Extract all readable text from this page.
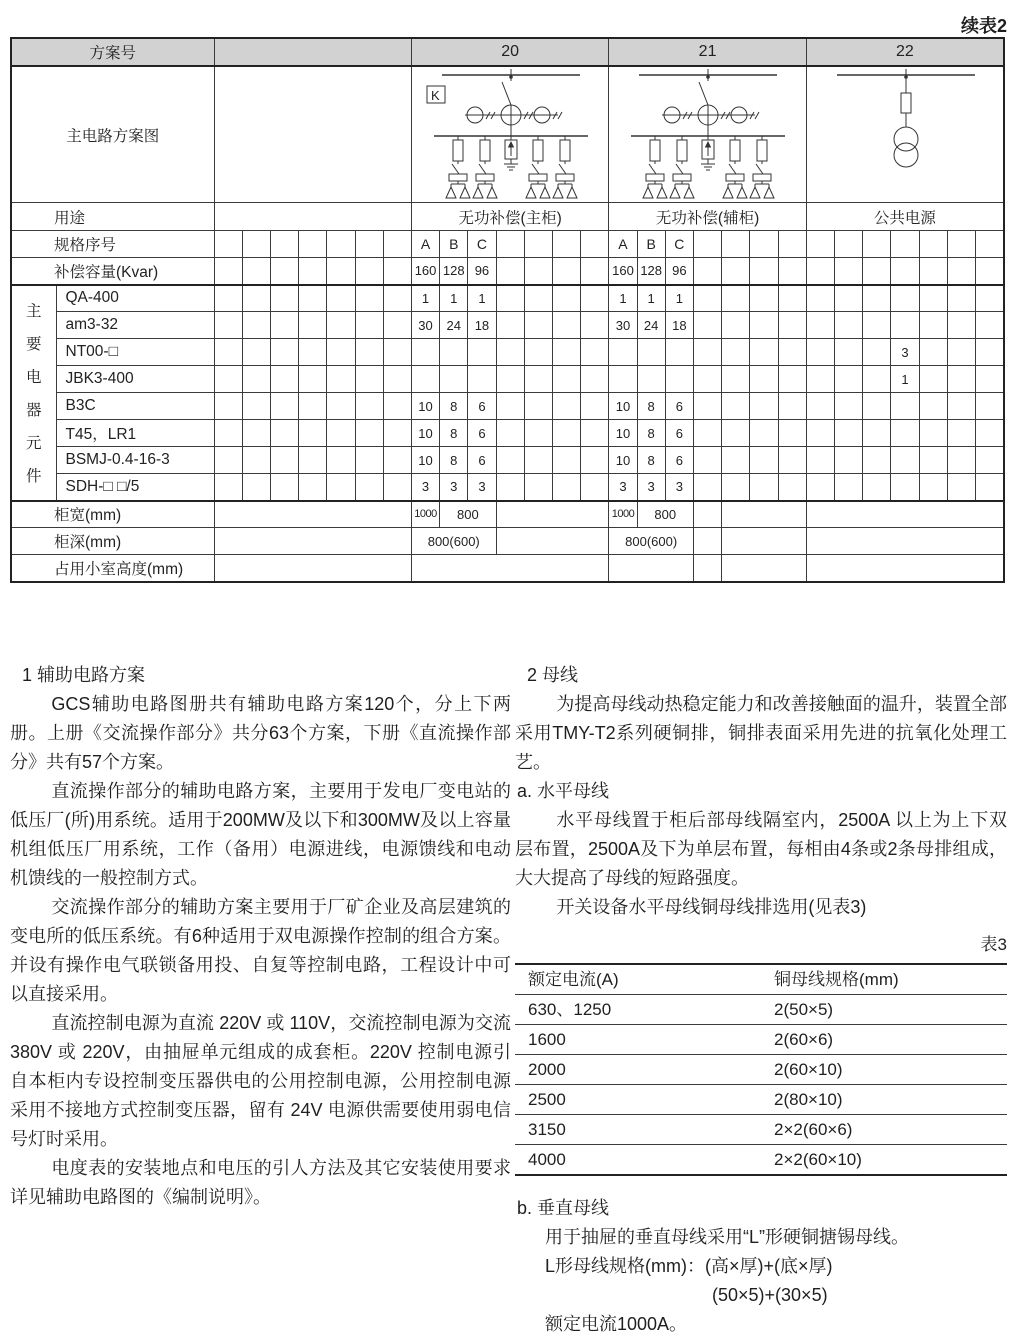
续表2
方案号									20							21							22						
主电路方案图									K

用途									无功补偿(主柜)							无功补偿(辅柜)							公共电源						
规格序号									A	B	C					A	B	C											
补偿容量(Kvar)									160	128	96					160	128	96											

主
要
电
器
元
件
	QA-400								1	1	1					1	1	1											
	am3-32								30	24	18					30	24	18											
	NT00-□																									3			
	JBK3-400																									1			
	B3C								10	8	6					10	8	6											
	T45，LR1								10	8	6					10	8	6											
	BSMJ-0.4-16-3								10	8	6					10	8	6											
	SDH-□ □/5								3	3	3					3	3	3											
柜宽(mm)									1000	800						1000	800												
柜深(mm)									800(600)							800(600)													
占用小室高度(mm)																													
1 辅助电路方案

GCS辅助电路图册共有辅助电路方案120个，分上下两册。上册《交流操作部分》共分63个方案，下册《直流操作部分》共有57个方案。

直流操作部分的辅助电路方案，主要用于发电厂变电站的低压厂(所)用系统。适用于200MW及以下和300MW及以上容量机组低压厂用系统，工作（备用）电源进线，电源馈线和电动机馈线的一般控制方式。

交流操作部分的辅助方案主要用于厂矿企业及高层建筑的变电所的低压系统。有6种适用于双电源操作控制的组合方案。并设有操作电气联锁备用投、自复等控制电路，工程设计中可以直接采用。

直流控制电源为直流 220V 或 110V，交流控制电源为交流 380V 或 220V，由抽屉单元组成的成套柜。220V 控制电源引自本柜内专设控制变压器供电的公用控制电源，公用控制电源采用不接地方式控制变压器，留有 24V 电源供需要使用弱电信号灯时采用。

电度表的安装地点和电压的引人方法及其它安装使用要求详见辅助电路图的《编制说明》。

2 母线

为提高母线动热稳定能力和改善接触面的温升，装置全部采用TMY-T2系列硬铜排，铜排表面采用先进的抗氧化处理工艺。

a. 水平母线

水平母线置于柜后部母线隔室内，2500A 以上为上下双层布置，2500A及下为单层布置，每相由4条或2条母排组成，大大提高了母线的短路强度。

开关设备水平母线铜母线排选用(见表3)

表3
额定电流(A)	铜母线规格(mm)
630、1250	2(50×5)
1600	2(60×6)
2000	2(60×10)
2500	2(80×10)
3150	2×2(60×6)
4000	2×2(60×10)
b. 垂直母线
用于抽屉的垂直母线采用“L”形硬铜搪锡母线。
L形母线规格(mm)：(高×厚)+(底×厚)
(50×5)+(30×5)
额定电流1000A。
